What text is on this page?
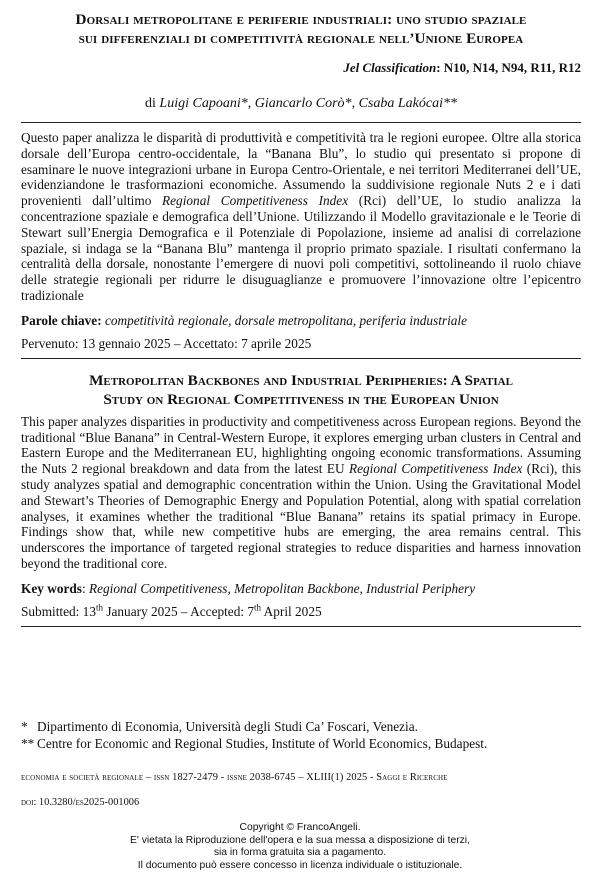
Dorsali metropolitane e periferie industriali: uno studio spaziale
sui differenziali di competitività regionale nell’Unione Europea
Jel Classification: N10, N14, N94, R11, R12
di Luigi Capoani*, Giancarlo Corò*, Csaba Lakócai**
Questo paper analizza le disparità di produttività e competitività tra le regioni europee. Oltre alla storica dorsale dell’Europa centro-occidentale, la “Banana Blu”, lo studio qui presentato si propone di esaminare le nuove integrazioni urbane in Europa Centro-Orientale, e nei territori Mediterranei dell’UE, evidenziandone le trasformazioni economiche. Assumendo la suddivisione regionale Nuts 2 e i dati provenienti dall’ultimo Regional Competitiveness Index (Rci) dell’UE, lo studio analizza la concentrazione spaziale e demografica dell’Unione. Utilizzando il Modello gravitazionale e le Teorie di Stewart sull’Energia Demografica e il Potenziale di Popolazione, insieme ad analisi di correlazione spaziale, si indaga se la “Banana Blu” mantenga il proprio primato spaziale. I risultati confermano la centralità della dorsale, nonostante l’emergere di nuovi poli competitivi, sottolineando il ruolo chiave delle strategie regionali per ridurre le disuguaglianze e promuovere l’innovazione oltre l’epicentro tradizionale
Parole chiave: competitività regionale, dorsale metropolitana, periferia industriale
Pervenuto: 13 gennaio 2025 – Accettato: 7 aprile 2025
Metropolitan Backbones and Industrial Peripheries: A Spatial
Study on Regional Competitiveness in the European Union
This paper analyzes disparities in productivity and competitiveness across European regions. Beyond the traditional “Blue Banana” in Central-Western Europe, it explores emerging urban clusters in Central and Eastern Europe and the Mediterranean EU, highlighting ongoing economic transformations. Assuming the Nuts 2 regional breakdown and data from the latest EU Regional Competitiveness Index (Rci), this study analyzes spatial and demographic concentration within the Union. Using the Gravitational Model and Stewart’s Theories of Demographic Energy and Population Potential, along with spatial correlation analyses, it examines whether the traditional “Blue Banana” retains its spatial primacy in Europe. Findings show that, while new competitive hubs are emerging, the area remains central. This underscores the importance of targeted regional strategies to reduce disparities and harness innovation beyond the traditional core.
Key words: Regional Competitiveness, Metropolitan Backbone, Industrial Periphery
Submitted: 13th January 2025 – Accepted: 7th April 2025
* Dipartimento di Economia, Università degli Studi Ca’ Foscari, Venezia.
** Centre for Economic and Regional Studies, Institute of World Economics, Budapest.
economia e società regionale – issn 1827-2479 - issne 2038-6745 – XLIII(1) 2025 - Saggi e Ricerche
doi: 10.3280/es2025-001006
Copyright © FrancoAngeli.
E' vietata la Riproduzione dell'opera e la sua messa a disposizione di terzi,
sia in forma gratuita sia a pagamento.
Il documento può essere concesso in licenza individuale o istituzionale.
